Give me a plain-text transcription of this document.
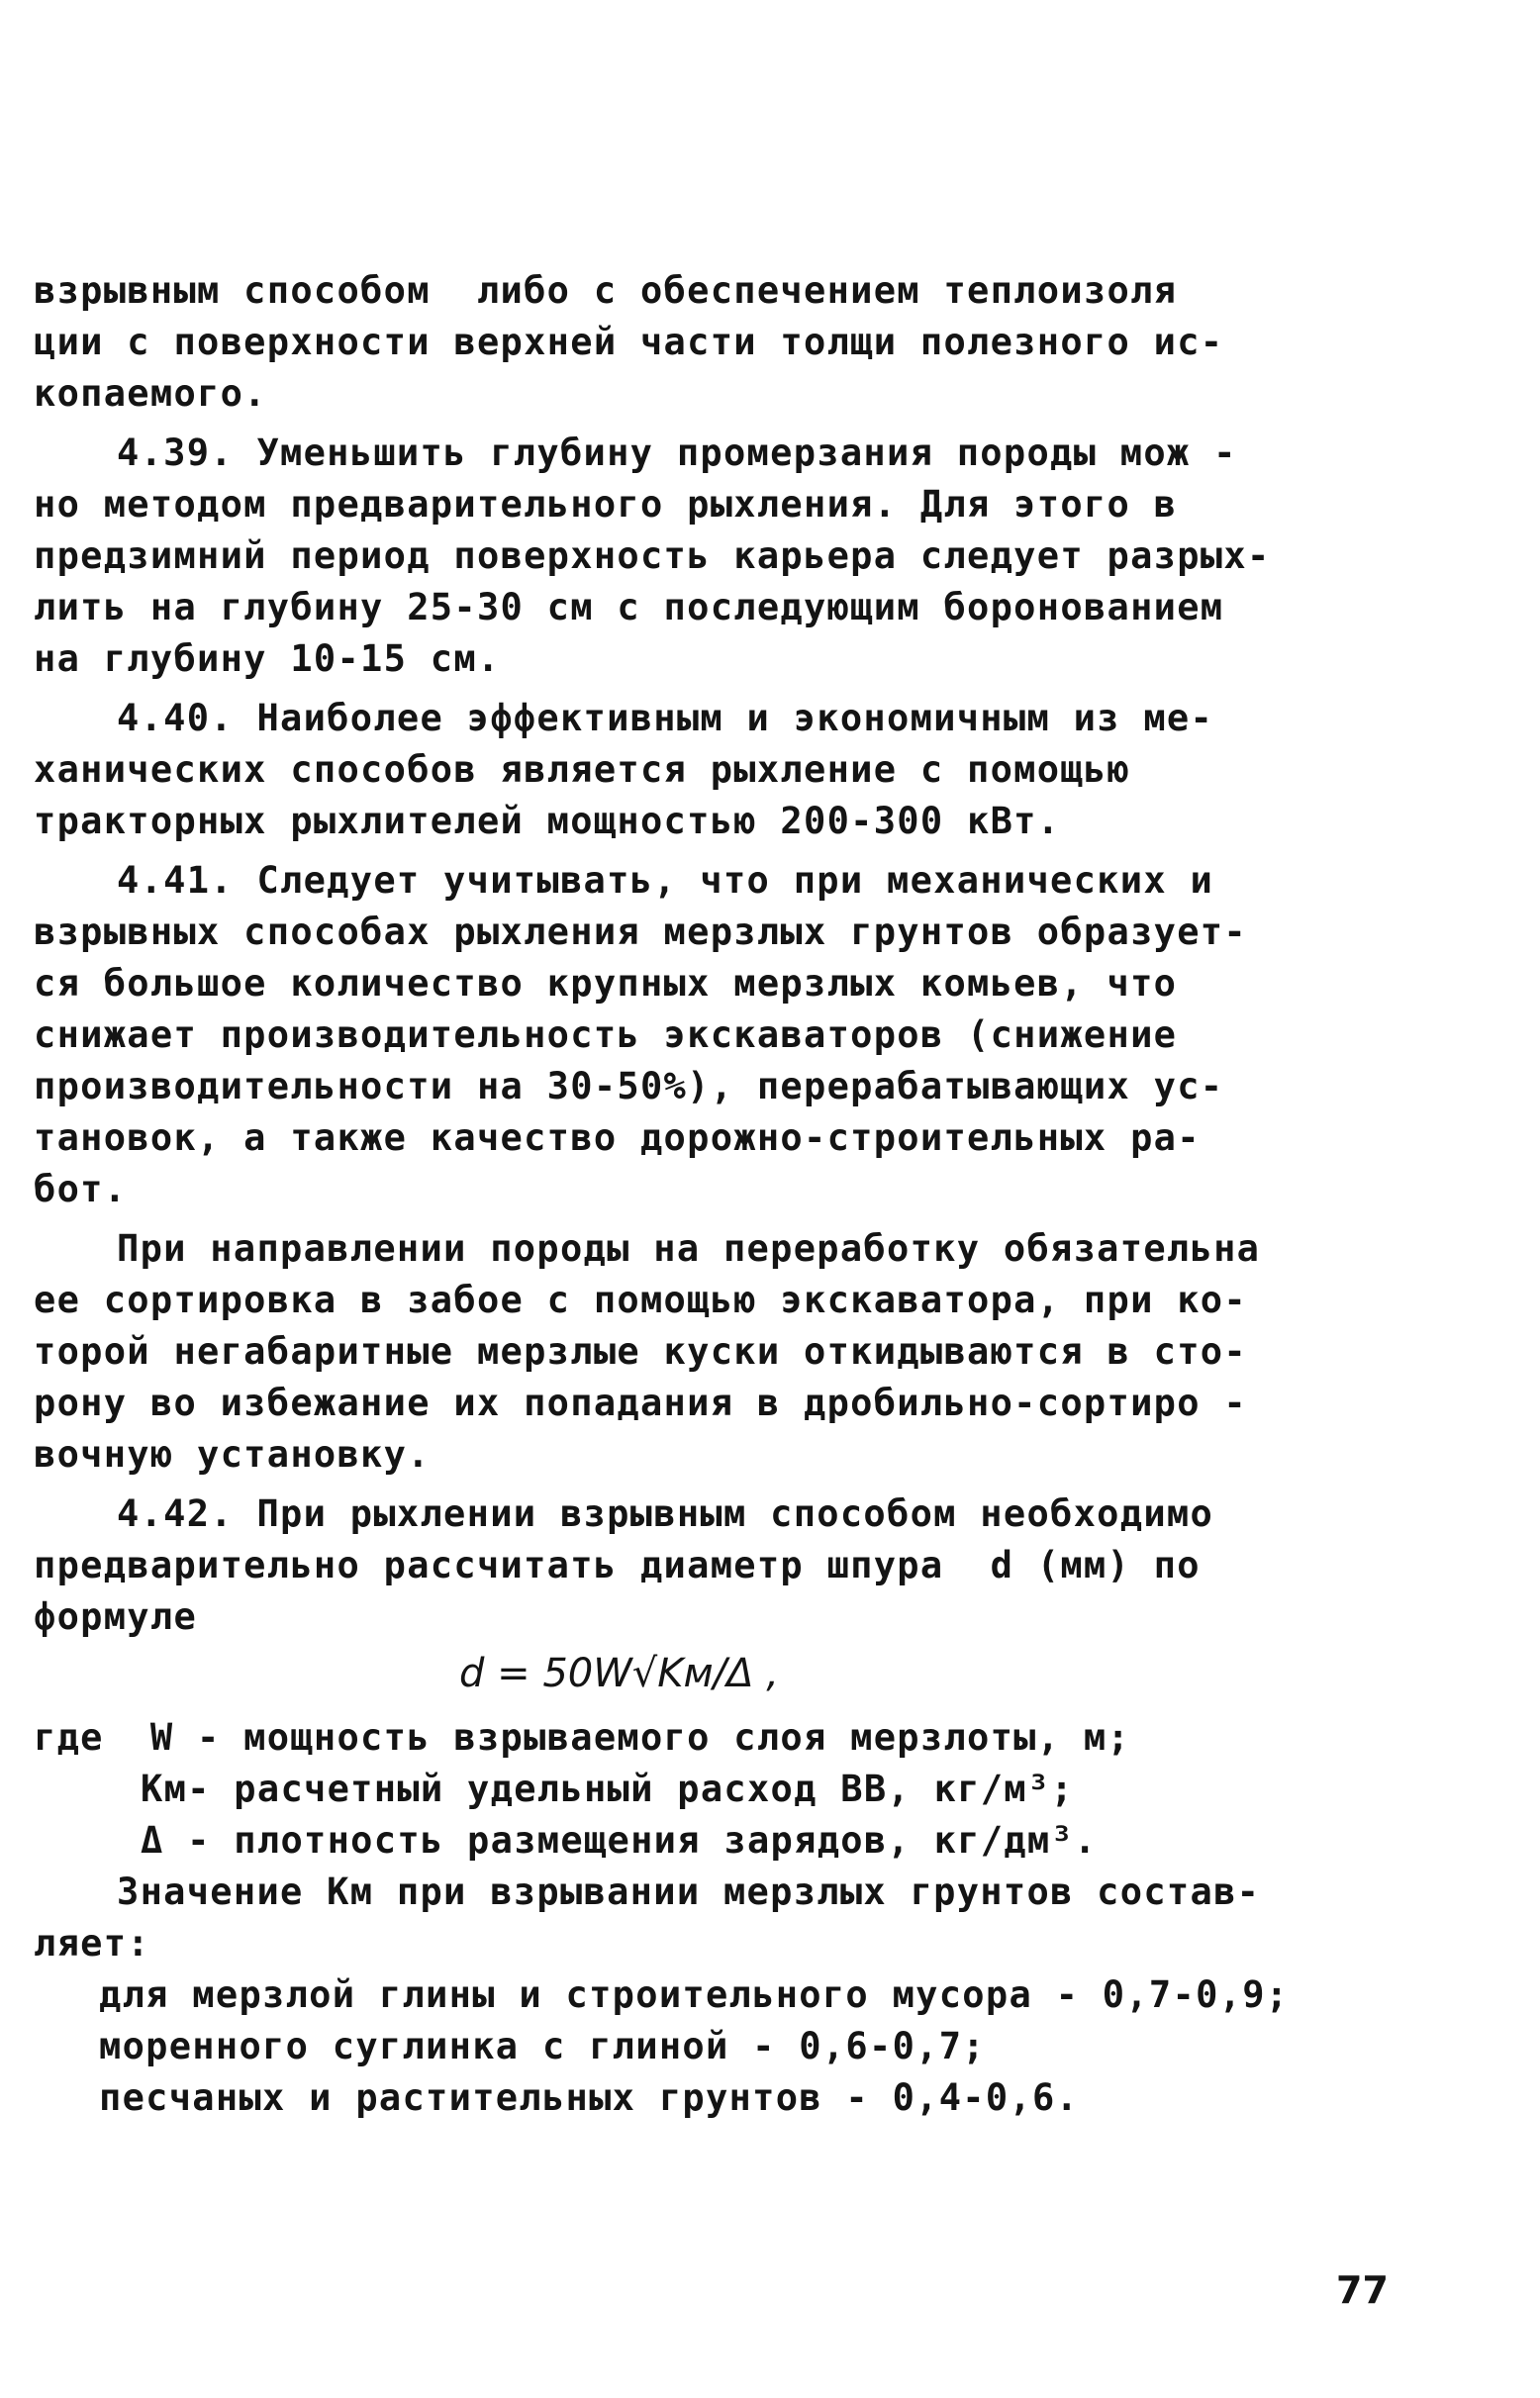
взрывным способом  либо с обеспечением теплоизоля
ции с поверхности верхней части толщи полезного ис-
копаемого.
4.39. Уменьшить глубину промерзания породы мож -
но методом предварительного рыхления. Для этого в
предзимний период поверхность карьера следует разрых-
лить на глубину 25-30 см с последующим боронованием
на глубину 10-15 см.
4.40. Наиболее эффективным и экономичным из ме-
ханических способов является рыхление с помощью
тракторных рыхлителей мощностью 200-300 кВт.
4.41. Следует учитывать, что при механических и
взрывных способах рыхления мерзлых грунтов образует-
ся большое количество крупных мерзлых комьев, что
снижает производительность экскаваторов (снижение
производительности на 30-50%), перерабатывающих ус-
тановок, а также качество дорожно-строительных ра-
бот.
При направлении породы на переработку обязательна
ее сортировка в забое с помощью экскаватора, при ко-
торой негабаритные мерзлые куски откидываются в сто-
рону во избежание их попадания в дробильно-сортиро -
вочную установку.
4.42. При рыхлении взрывным способом необходимо
предварительно рассчитать диаметр шпура  d (мм) по
формуле
d = 50W√Kм/Δ ,
где  W - мощность взрываемого слоя мерзлоты, м;
Kм- расчетный удельный расход ВВ, кг/м³;
Δ - плотность размещения зарядов, кг/дм³.
Значение Kм при взрывании мерзлых грунтов состав-
ляет:
для мерзлой глины и строительного мусора - 0,7-0,9;
моренного суглинка с глиной - 0,6-0,7;
песчаных и растительных грунтов - 0,4-0,6.
77
